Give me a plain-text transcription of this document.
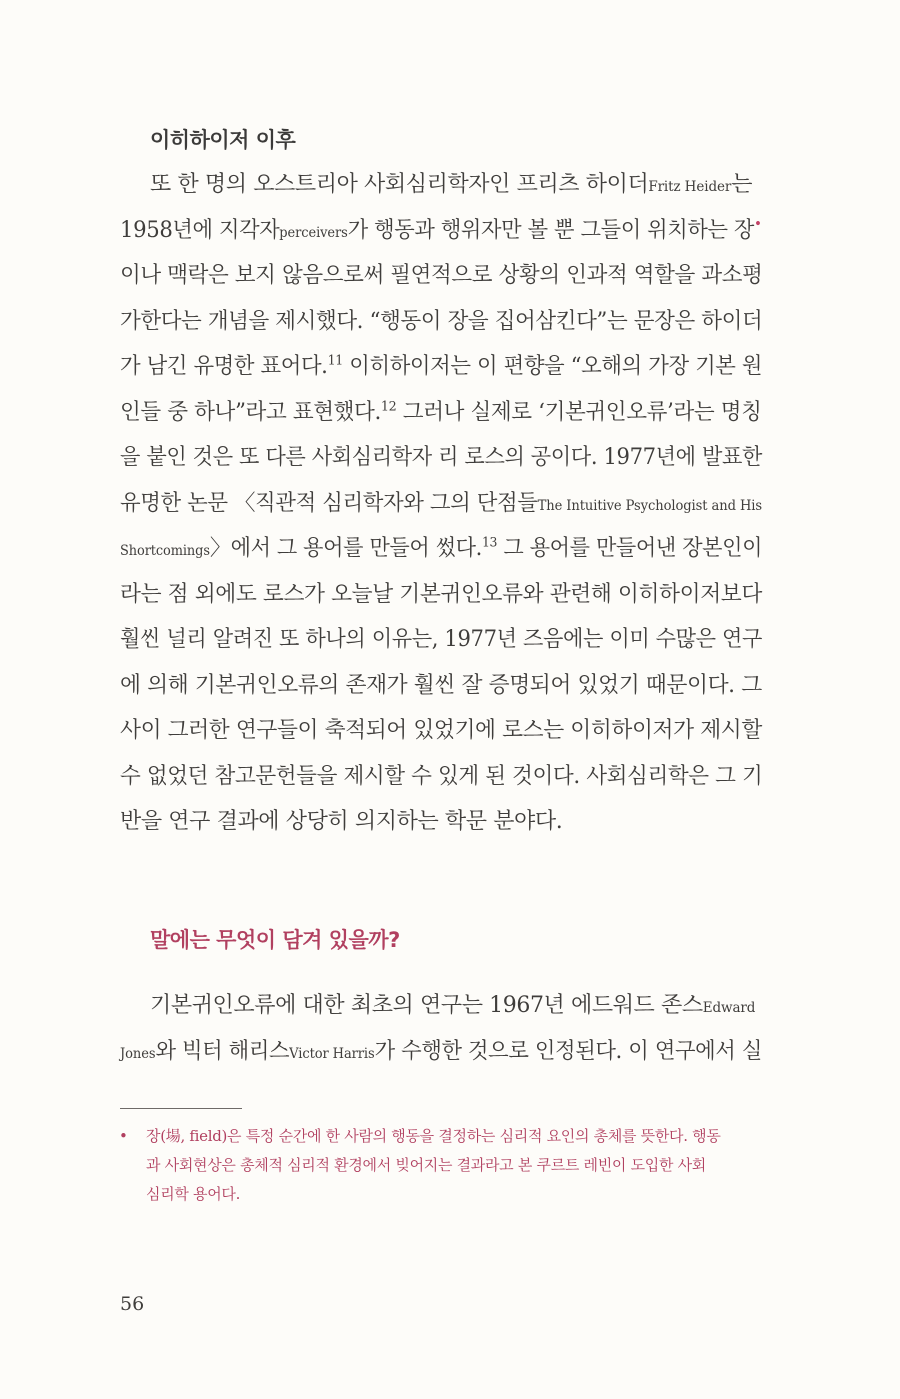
이히하이저 이후
또 한 명의 오스트리아 사회심리학자인 프리츠 하이더Fritz Heider는
1958년에 지각자perceivers가 행동과 행위자만 볼 뿐 그들이 위치하는 장•
이나 맥락은 보지 않음으로써 필연적으로 상황의 인과적 역할을 과소평
가한다는 개념을 제시했다. “행동이 장을 집어삼킨다”는 문장은 하이더
가 남긴 유명한 표어다.$^{11}$ 이히하이저는 이 편향을 “오해의 가장 기본 원
인들 중 하나”라고 표현했다.$^{12}$ 그러나 실제로 ‘기본귀인오류’라는 명칭
을 붙인 것은 또 다른 사회심리학자 리 로스의 공이다. 1977년에 발표한
유명한 논문 〈직관적 심리학자와 그의 단점들The Intuitive Psychologist and His
Shortcomings〉에서 그 용어를 만들어 썼다.$^{13}$ 그 용어를 만들어낸 장본인이
라는 점 외에도 로스가 오늘날 기본귀인오류와 관련해 이히하이저보다
훨씬 널리 알려진 또 하나의 이유는, 1977년 즈음에는 이미 수많은 연구
에 의해 기본귀인오류의 존재가 훨씬 잘 증명되어 있었기 때문이다. 그
사이 그러한 연구들이 축적되어 있었기에 로스는 이히하이저가 제시할
수 없었던 참고문헌들을 제시할 수 있게 된 것이다. 사회심리학은 그 기
반을 연구 결과에 상당히 의지하는 학문 분야다.
말에는 무엇이 담겨 있을까?
기본귀인오류에 대한 최초의 연구는 1967년 에드워드 존스Edward
Jones와 빅터 해리스Victor Harris가 수행한 것으로 인정된다. 이 연구에서 실
• 장(場, field)은 특정 순간에 한 사람의 행동을 결정하는 심리적 요인의 총체를 뜻한다. 행동
과 사회현상은 총체적 심리적 환경에서 빚어지는 결과라고 본 쿠르트 레빈이 도입한 사회
심리학 용어다.
56
